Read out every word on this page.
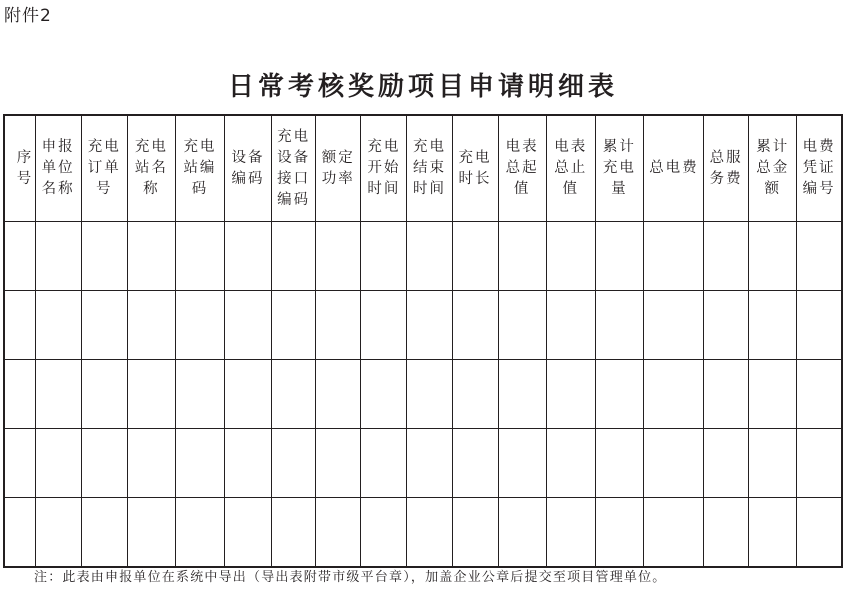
附件2
日常考核奖励项目申请明细表
序
号	申报
单位
名称	充电
订单
号	充电
站名
称	充电
站编
码	设备
编码	充电
设备
接口
编码	额定
功率	充电
开始
时间	充电
结束
时间	充电
时长	电表
总起
值	电表
总止
值	累计
充电
量	总电费	总服
务费	累计
总金
额	电费
凭证
编号

注：此表由申报单位在系统中导出（导出表附带市级平台章），加盖企业公章后提交至项目管理单位。
